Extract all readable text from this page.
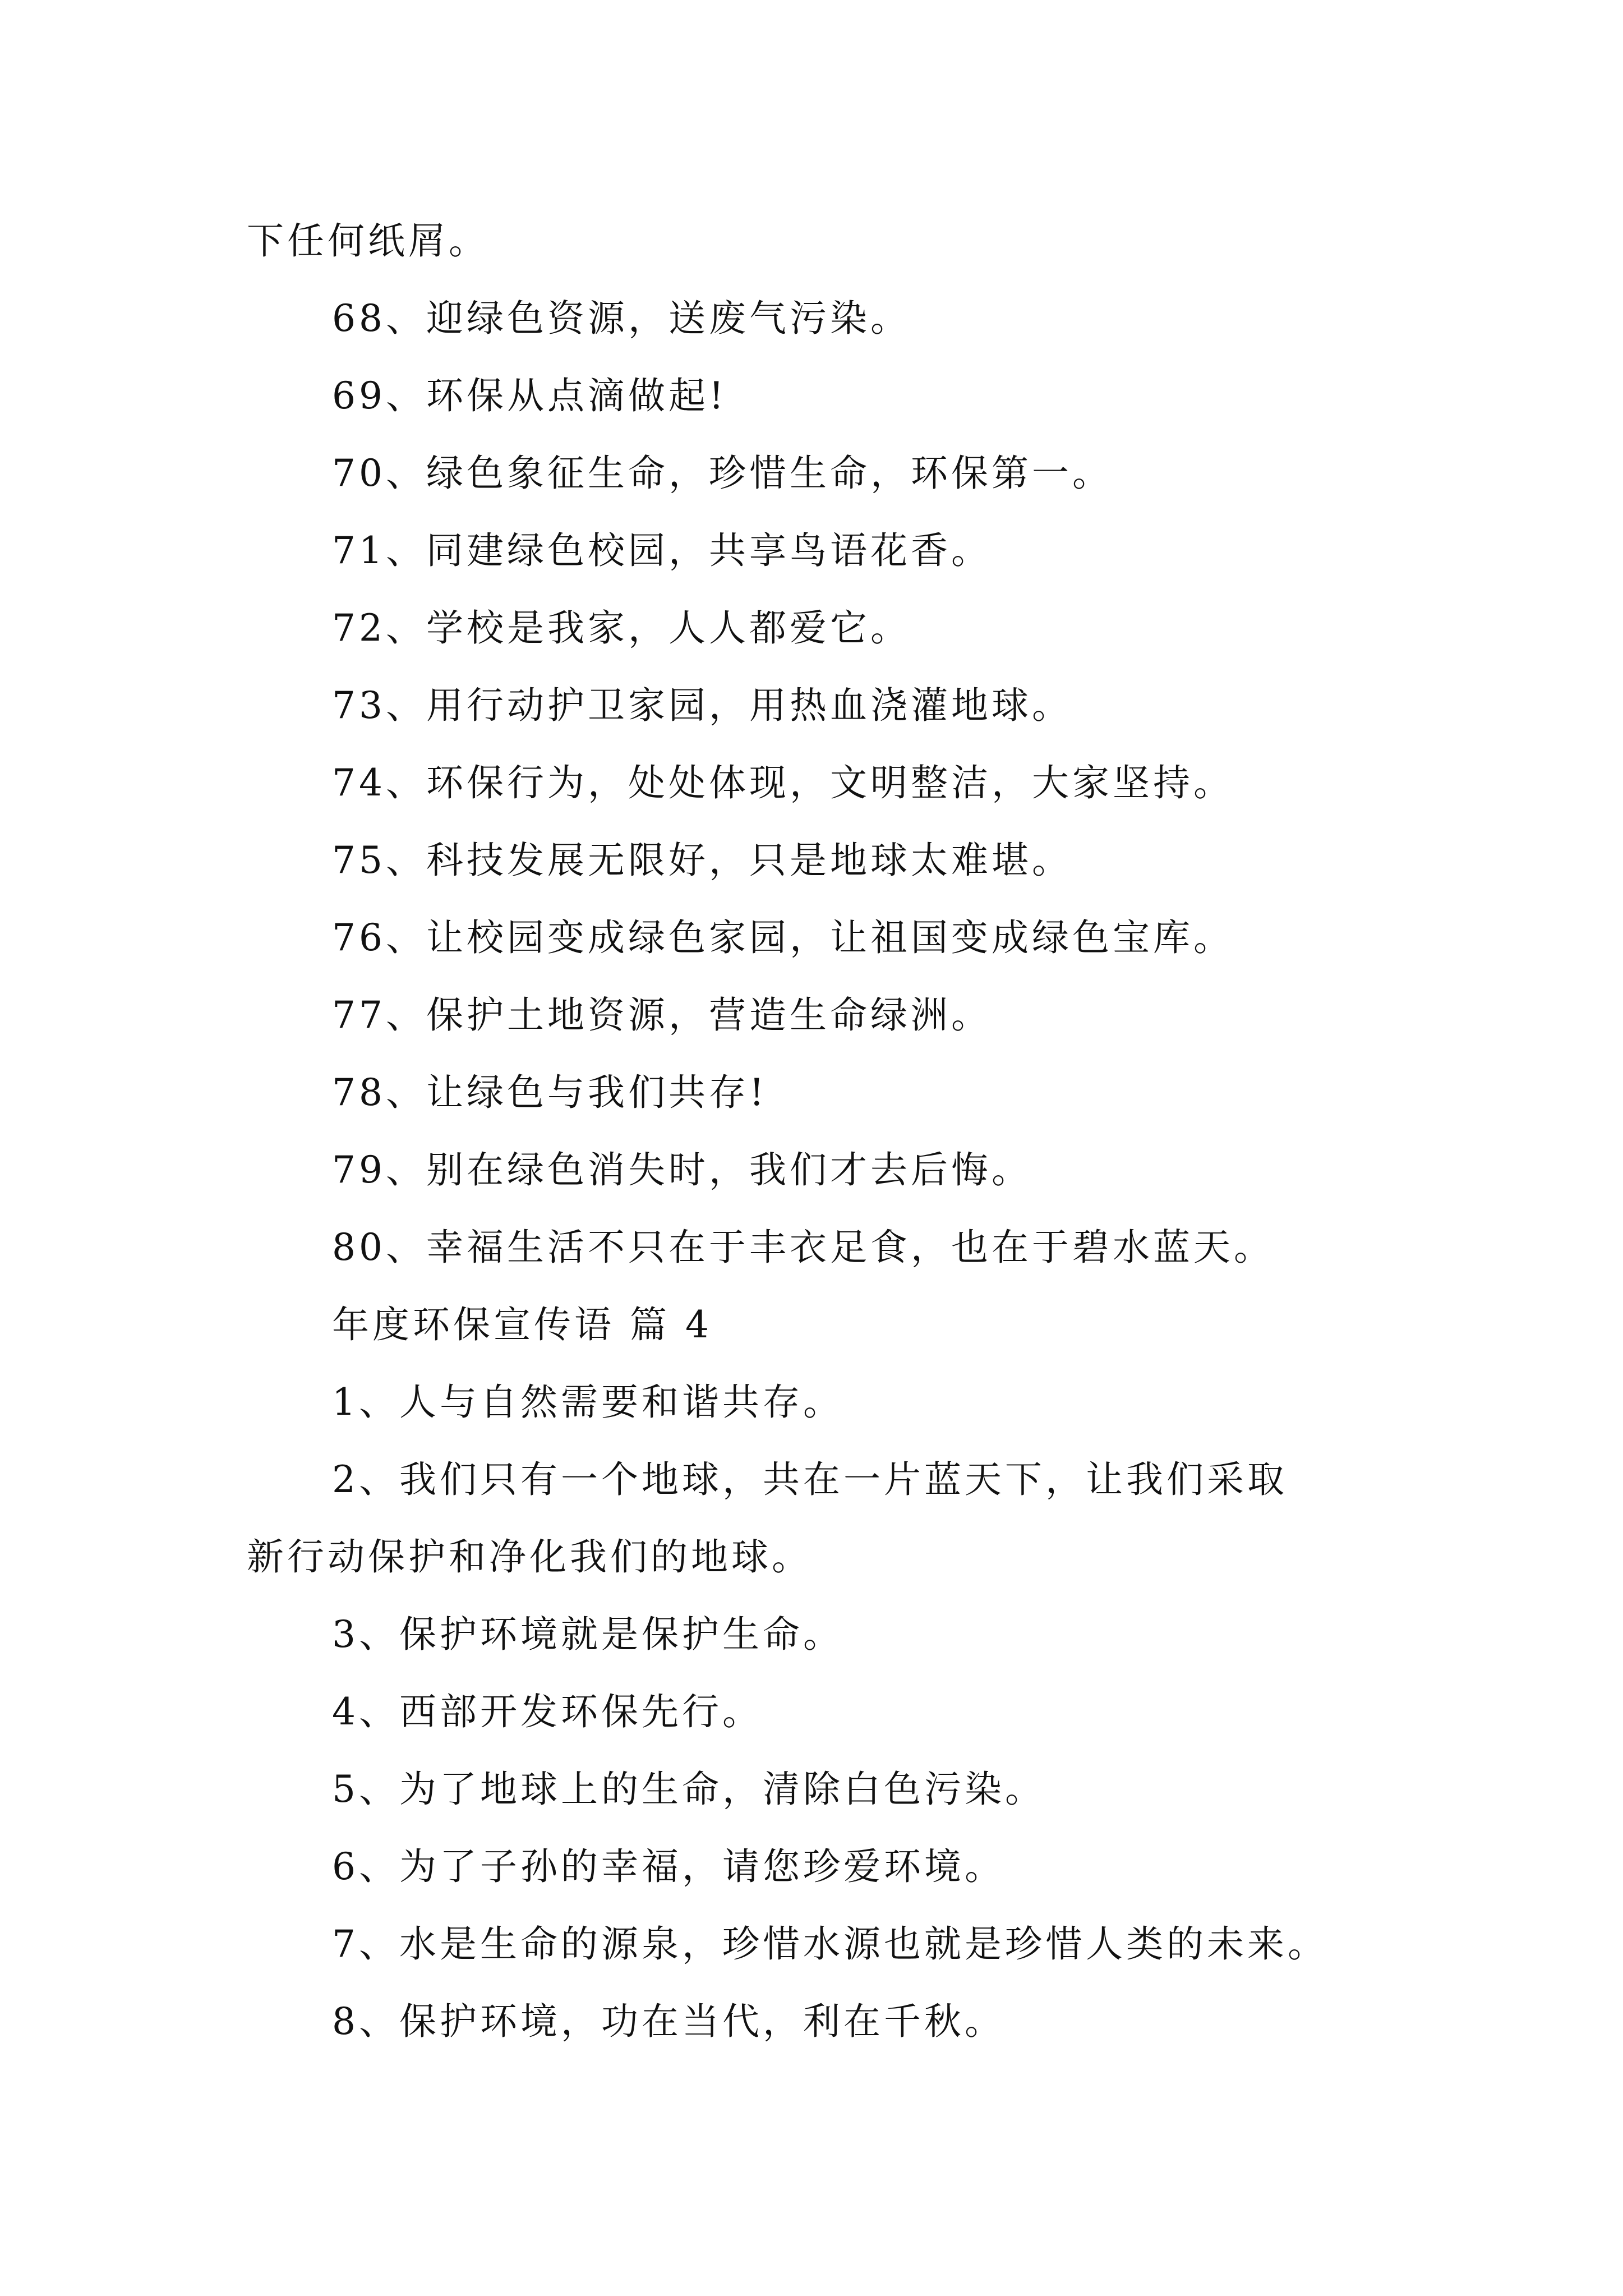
下任何纸屑。
68、迎绿色资源，送废气污染。
69、环保从点滴做起!
70、绿色象征生命，珍惜生命，环保第一。
71、同建绿色校园，共享鸟语花香。
72、学校是我家，人人都爱它。
73、用行动护卫家园，用热血浇灌地球。
74、环保行为，处处体现，文明整洁，大家坚持。
75、科技发展无限好，只是地球太难堪。
76、让校园变成绿色家园，让祖国变成绿色宝库。
77、保护土地资源，营造生命绿洲。
78、让绿色与我们共存!
79、别在绿色消失时，我们才去后悔。
80、幸福生活不只在于丰衣足食，也在于碧水蓝天。
年度环保宣传语 篇 4
1、人与自然需要和谐共存。
2、我们只有一个地球，共在一片蓝天下，让我们采取
新行动保护和净化我们的地球。
3、保护环境就是保护生命。
4、西部开发环保先行。
5、为了地球上的生命，清除白色污染。
6、为了子孙的幸福，请您珍爱环境。
7、水是生命的源泉，珍惜水源也就是珍惜人类的未来。
8、保护环境，功在当代，利在千秋。
